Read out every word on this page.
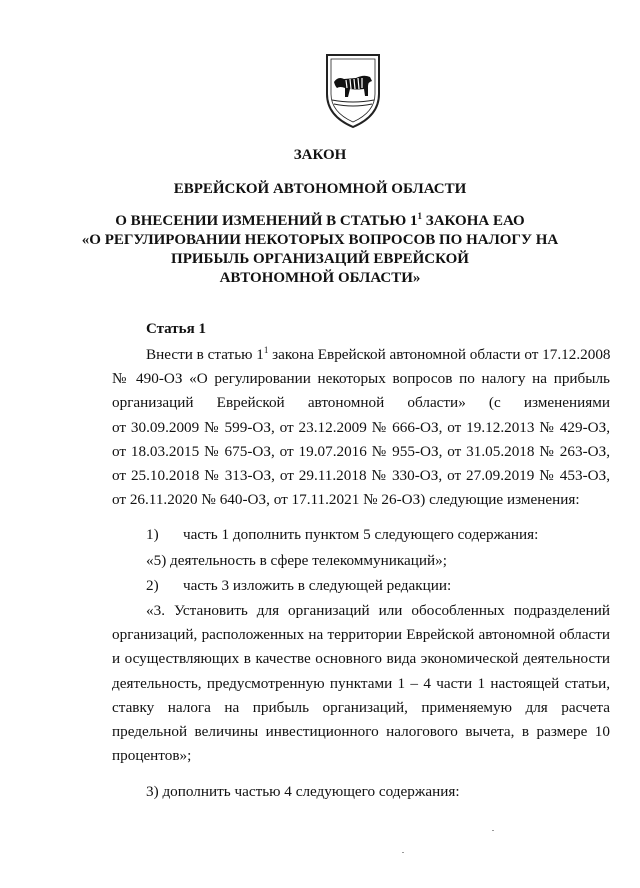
ЗАКОН
ЕВРЕЙСКОЙ АВТОНОМНОЙ ОБЛАСТИ
О ВНЕСЕНИИ ИЗМЕНЕНИЙ В СТАТЬЮ $1^1$ ЗАКОНА ЕАО
«О РЕГУЛИРОВАНИИ НЕКОТОРЫХ ВОПРОСОВ ПО НАЛОГУ НА
ПРИБЫЛЬ ОРГАНИЗАЦИЙ ЕВРЕЙСКОЙ
АВТОНОМНОЙ ОБЛАСТИ»
Статья 1
Внести в статью $1^1$ закона Еврейской автономной области от 17.12.2008
№ 490-ОЗ «О регулировании некоторых вопросов по налогу на прибыль
организаций Еврейской автономной области» (с изменениями
от 30.09.2009 № 599-ОЗ, от 23.12.2009 № 666-ОЗ, от 19.12.2013 № 429-ОЗ,
от 18.03.2015 № 675-ОЗ, от 19.07.2016 № 955-ОЗ, от 31.05.2018 № 263-ОЗ,
от 25.10.2018 № 313-ОЗ, от 29.11.2018 № 330-ОЗ, от 27.09.2019 № 453-ОЗ,
от 26.11.2020 № 640-ОЗ, от 17.11.2021 № 26-ОЗ) следующие изменения:
1) часть 1 дополнить пунктом 5 следующего содержания:
«5) деятельность в сфере телекоммуникаций»;
2) часть 3 изложить в следующей редакции:
«3. Установить для организаций или обособленных подразделений
организаций, расположенных на территории Еврейской автономной области
и осуществляющих в качестве основного вида экономической деятельности
деятельность, предусмотренную пунктами 1 – 4 части 1 настоящей статьи,
ставку налога на прибыль организаций, применяемую для расчета
предельной величины инвестиционного налогового вычета, в размере 10
процентов»;
3) дополнить частью 4 следующего содержания:
